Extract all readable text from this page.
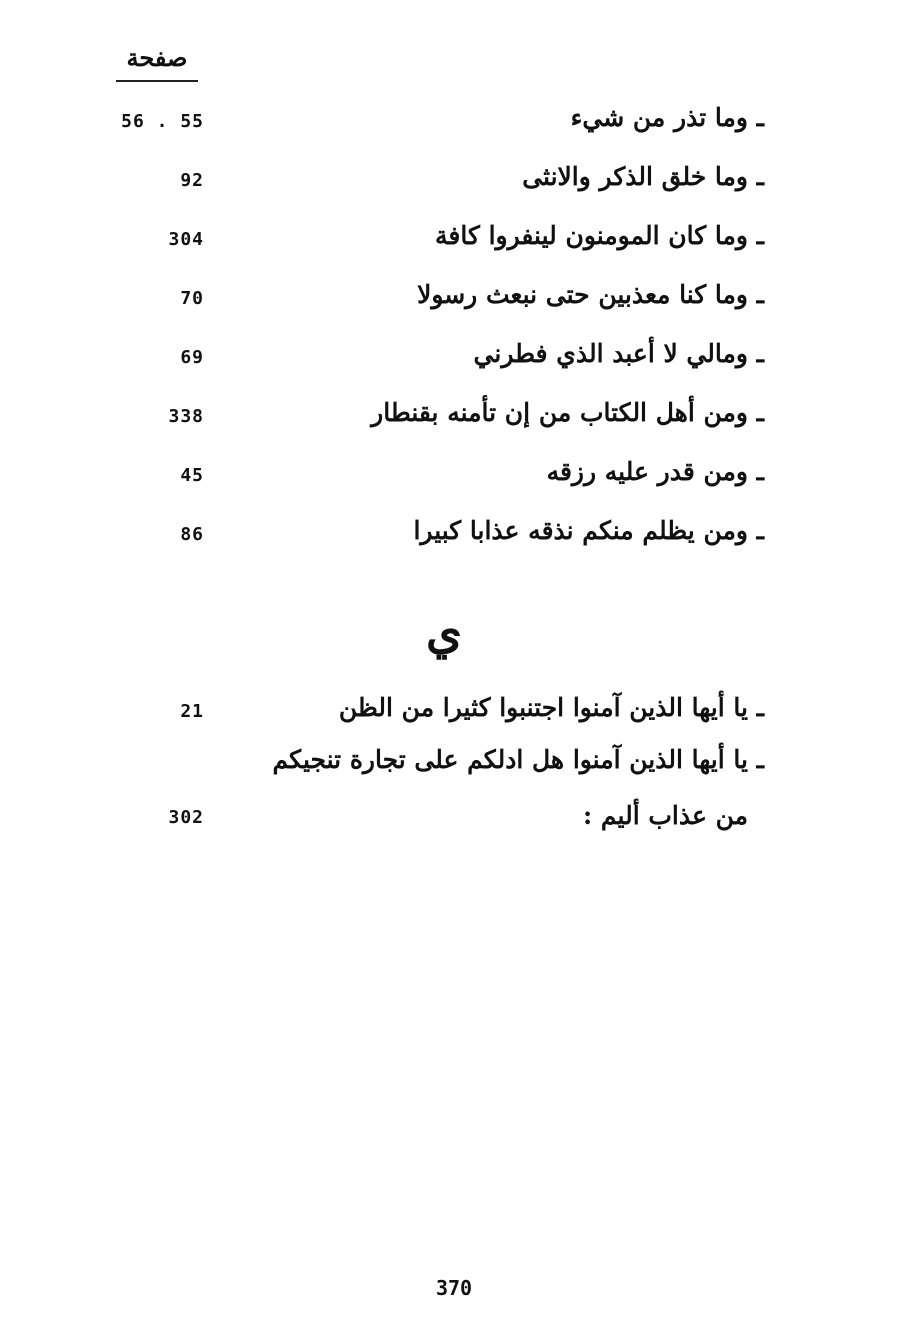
صفحة
ـ وما تذر من شيء
56 . 55
ـ وما خلق الذكر والانثى
92
ـ وما كان المومنون لينفروا كافة
304
ـ وما كنا معذبين حتى نبعث رسولا
70
ـ ومالي لا أعبد الذي فطرني
69
ـ ومن أهل الكتاب من إن تأمنه بقنطار
338
ـ ومن قدر عليه رزقه
45
ـ ومن يظلم منكم نذقه عذابا كبيرا
86
ي
ـ يا أيها الذين آمنوا اجتنبوا كثيرا من الظن
21
ـ يا أيها الذين آمنوا هل ادلكم على تجارة تنجيكم
من عذاب أليم :
302
370
